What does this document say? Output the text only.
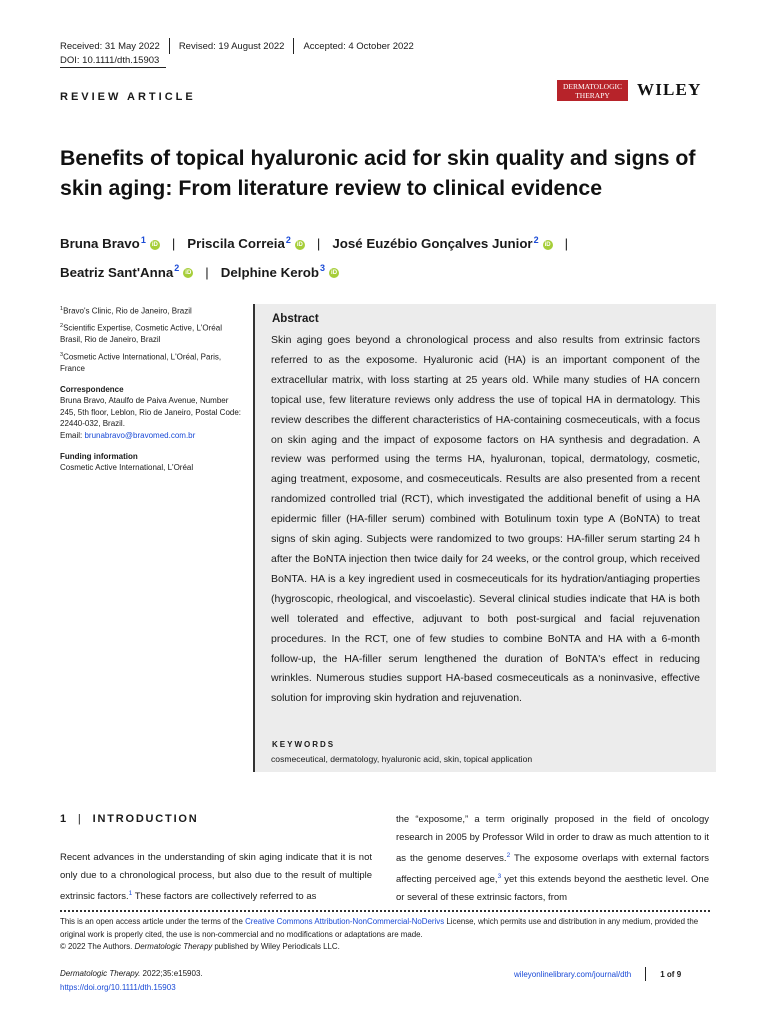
Received: 31 May 2022 Revised: 19 August 2022 Accepted: 4 October 2022
DOI: 10.1111/dth.15903
REVIEW ARTICLE
DERMATOLOGIC
THERAPY	WILEY
Benefits of topical hyaluronic acid for skin quality and signs of skin aging: From literature review to clinical evidence
Bruna Bravo$^1$ iD | Priscila Correia$^2$ iD | José Euzébio Gonçalves Junior$^2$ iD |
Beatriz Sant'Anna$^2$ iD | Delphine Kerob$^3$ iD

$^1$Bravo's Clinic, Rio de Janeiro, Brazil

$^2$Scientific Expertise, Cosmetic Active, L'Oréal Brasil, Rio de Janeiro, Brazil

$^3$Cosmetic Active International, L'Oréal, Paris, France

Correspondence

Bruna Bravo, Ataulfo de Paiva Avenue, Number 245, 5th floor, Leblon, Rio de Janeiro, Postal Code: 22440-032, Brazil.
Email: brunabravo@bravomed.com.br

Funding information

Cosmetic Active International, L'Oréal

Abstract
Skin aging goes beyond a chronological process and also results from extrinsic factors referred to as the exposome. Hyaluronic acid (HA) is an important component of the extracellular matrix, with loss starting at 25 years old. While many studies of HA concern topical use, few literature reviews only address the use of topical HA in dermatology. This review describes the different characteristics of HA-containing cosmeceuticals, with a focus on skin aging and the impact of exposome factors on HA synthesis and degradation. A review was performed using the terms HA, hyaluronan, topical, dermatology, cosmetic, aging treatment, exposome, and cosmeceuticals. Results are also presented from a recent randomized controlled trial (RCT), which investigated the additional benefit of using a HA epidermic filler (HA-filler serum) combined with Botulinum toxin type A (BoNTA) to treat signs of skin aging. Subjects were randomized to two groups: HA-filler serum starting 24 h after the BoNTA injection then twice daily for 24 weeks, or the control group, which received BoNTA. HA is a key ingredient used in cosmeceuticals for its hydration/antiaging properties (hygroscopic, rheological, and viscoelastic). Several clinical studies indicate that HA is both well tolerated and effective, adjuvant to both post-surgical and facial rejuvenation procedures. In the RCT, one of few studies to combine BoNTA and HA with a 6-month follow-up, the HA-filler serum lengthened the duration of BoNTA's effect in reducing wrinkles. Numerous studies support HA-based cosmeceuticals as a noninvasive, effective solution for improving skin hydration and rejuvenation.
KEYWORDS
cosmeceutical, dermatology, hyaluronic acid, skin, topical application
1 | INTRODUCTION
Recent advances in the understanding of skin aging indicate that it is not only due to a chronological process, but also due to the result of multiple extrinsic factors.$^1$ These factors are collectively referred to as
the “exposome,” a term originally proposed in the field of oncology research in 2005 by Professor Wild in order to draw as much attention to it as the genome deserves.$^2$ The exposome overlaps with external factors affecting perceived age,$^3$ yet this extends beyond the aesthetic level. One or several of these extrinsic factors, from
This is an open access article under the terms of the Creative Commons Attribution-NonCommercial-NoDerivs License, which permits use and distribution in any medium, provided the original work is properly cited, the use is non-commercial and no modifications or adaptations are made.
© 2022 The Authors. Dermatologic Therapy published by Wiley Periodicals LLC.
Dermatologic Therapy. 2022;35:e15903.
https://doi.org/10.1111/dth.15903
wileyonlinelibrary.com/journal/dth	1 of 9
